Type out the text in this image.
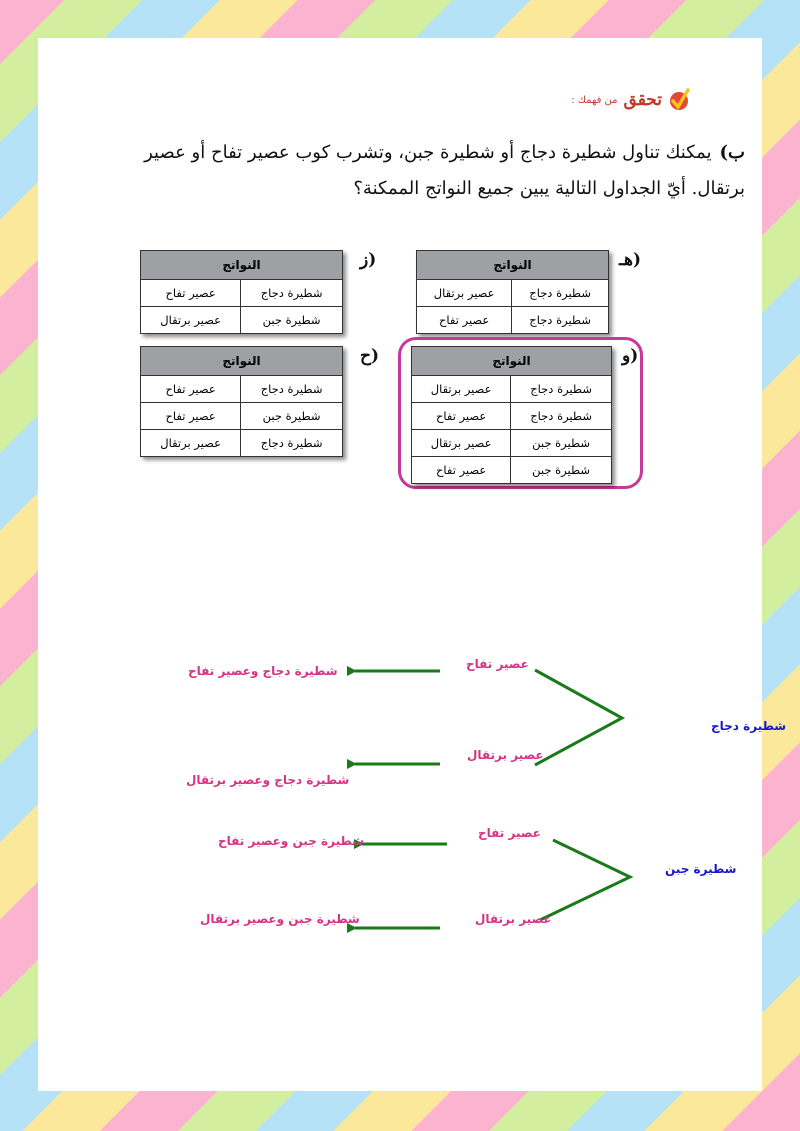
تحقق
من فهمك :
ب)يمكنك تناول شطيرة دجاج أو شطيرة جبن، وتشرب كوب عصير تفاح أو عصير برتقال. أيّ الجداول التالية يبين جميع النواتج الممكنة؟
هـ)
ز)
و)
ح)
النواتج	
شطيرة دجاج	عصير برتقال
شطيرة دجاج	عصير تفاح
النواتج	
شطيرة دجاج	عصير تفاح
شطيرة جبن	عصير برتقال
النواتج	
شطيرة دجاج	عصير برتقال
شطيرة دجاج	عصير تفاح
شطيرة جبن	عصير برتقال
شطيرة جبن	عصير تفاح
النواتج	
شطيرة دجاج	عصير تفاح
شطيرة جبن	عصير تفاح
شطيرة دجاج	عصير برتقال
شطيرة دجاج
شطيرة جبن
عصير تفاح
عصير برتقال
عصير تفاح
عصير برتقال
شطيرة دجاج وعصير تفاح
شطيرة دجاج وعصير برتقال
شطيرة جبن وعصير تفاح
شطيرة جبن وعصير برتقال
